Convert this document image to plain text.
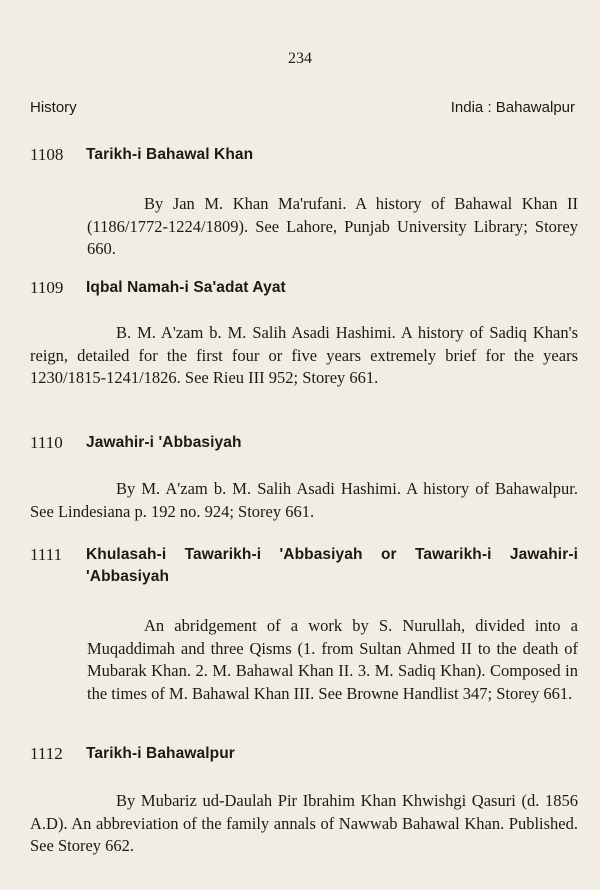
234
History	India : Bahawalpur
1108	Tarikh-i Bahawal Khan
By Jan M. Khan Ma'rufani. A history of Bahawal Khan II (1186/1772-1224/1809). See Lahore, Punjab University Library; Storey 660.
1109	Iqbal Namah-i Sa'adat Ayat
B. M. A'zam b. M. Salih Asadi Hashimi. A history of Sadiq Khan's reign, detailed for the first four or five years extremely brief for the years 1230/1815-1241/1826. See Rieu III 952; Storey 661.
1110	Jawahir-i 'Abbasiyah
By M. A'zam b. M. Salih Asadi Hashimi. A history of Bahawalpur. See Lindesiana p. 192 no. 924; Storey 661.
1111	Khulasah-i Tawarikh-i 'Abbasiyah or Tawarikh-i Jawahir-i 'Abbasiyah
An abridgement of a work by S. Nurullah, divided into a Muqaddimah and three Qisms (1. from Sultan Ahmed II to the death of Mubarak Khan. 2. M. Bahawal Khan II. 3. M. Sadiq Khan). Composed in the times of M. Bahawal Khan III. See Browne Handlist 347; Storey 661.
1112	Tarikh-i Bahawalpur
By Mubariz ud-Daulah Pir Ibrahim Khan Khwishgi Qasuri (d. 1856 A.D). An abbreviation of the family annals of Nawwab Bahawal Khan. Published. See Storey 662.
